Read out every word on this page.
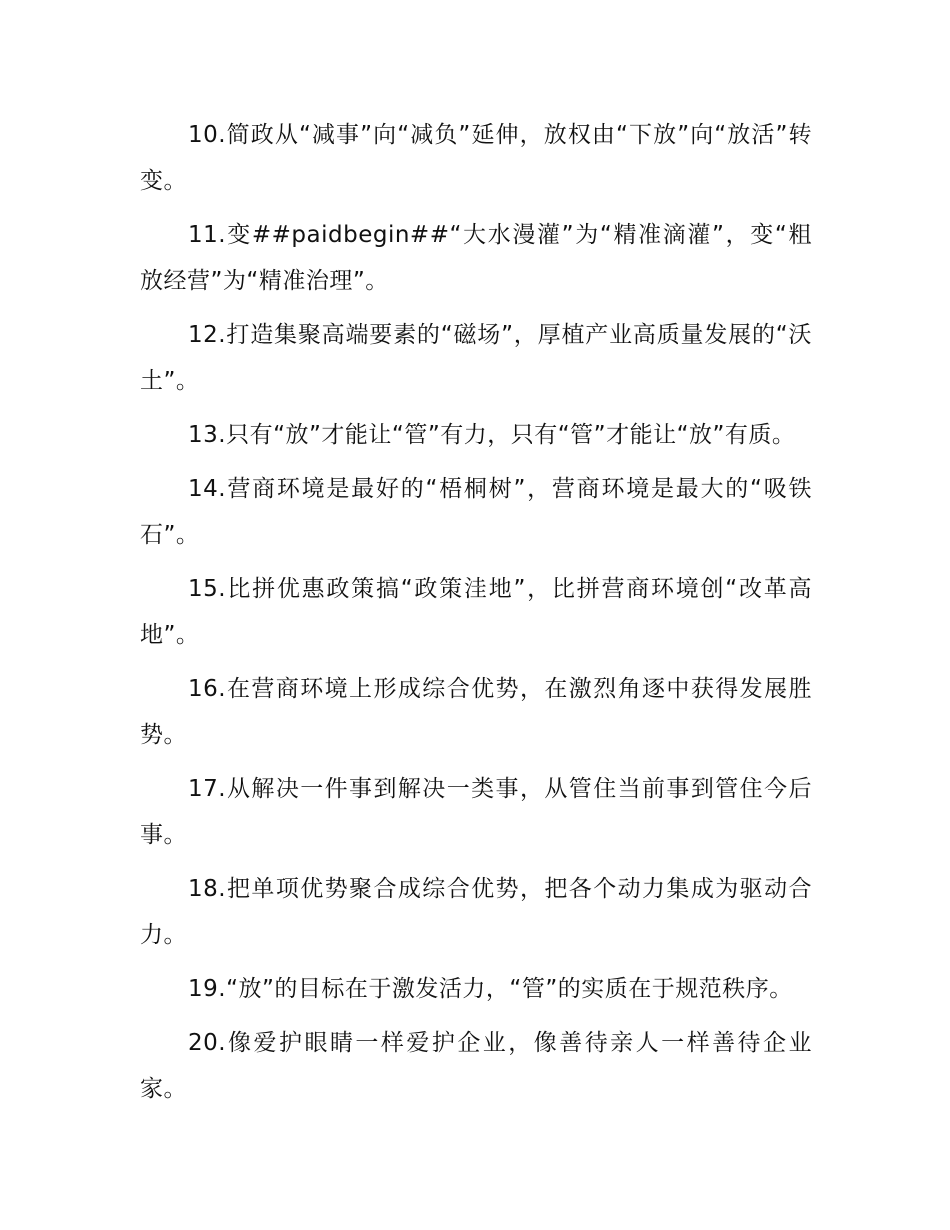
10.简政从“减事”向“减负”延伸，放权由“下放”向“放活”转变。

11.变##paidbegin##“大水漫灌”为“精准滴灌”，变“粗放经营”为“精准治理”。

12.打造集聚高端要素的“磁场”，厚植产业高质量发展的“沃土”。

13.只有“放”才能让“管”有力，只有“管”才能让“放”有质。

14.营商环境是最好的“梧桐树”，营商环境是最大的“吸铁石”。

15.比拼优惠政策搞“政策洼地”，比拼营商环境创“改革高地”。

16.在营商环境上形成综合优势，在激烈角逐中获得发展胜势。

17.从解决一件事到解决一类事，从管住当前事到管住今后事。

18.把单项优势聚合成综合优势，把各个动力集成为驱动合力。

19.“放”的目标在于激发活力，“管”的实质在于规范秩序。

20.像爱护眼睛一样爱护企业，像善待亲人一样善待企业家。
